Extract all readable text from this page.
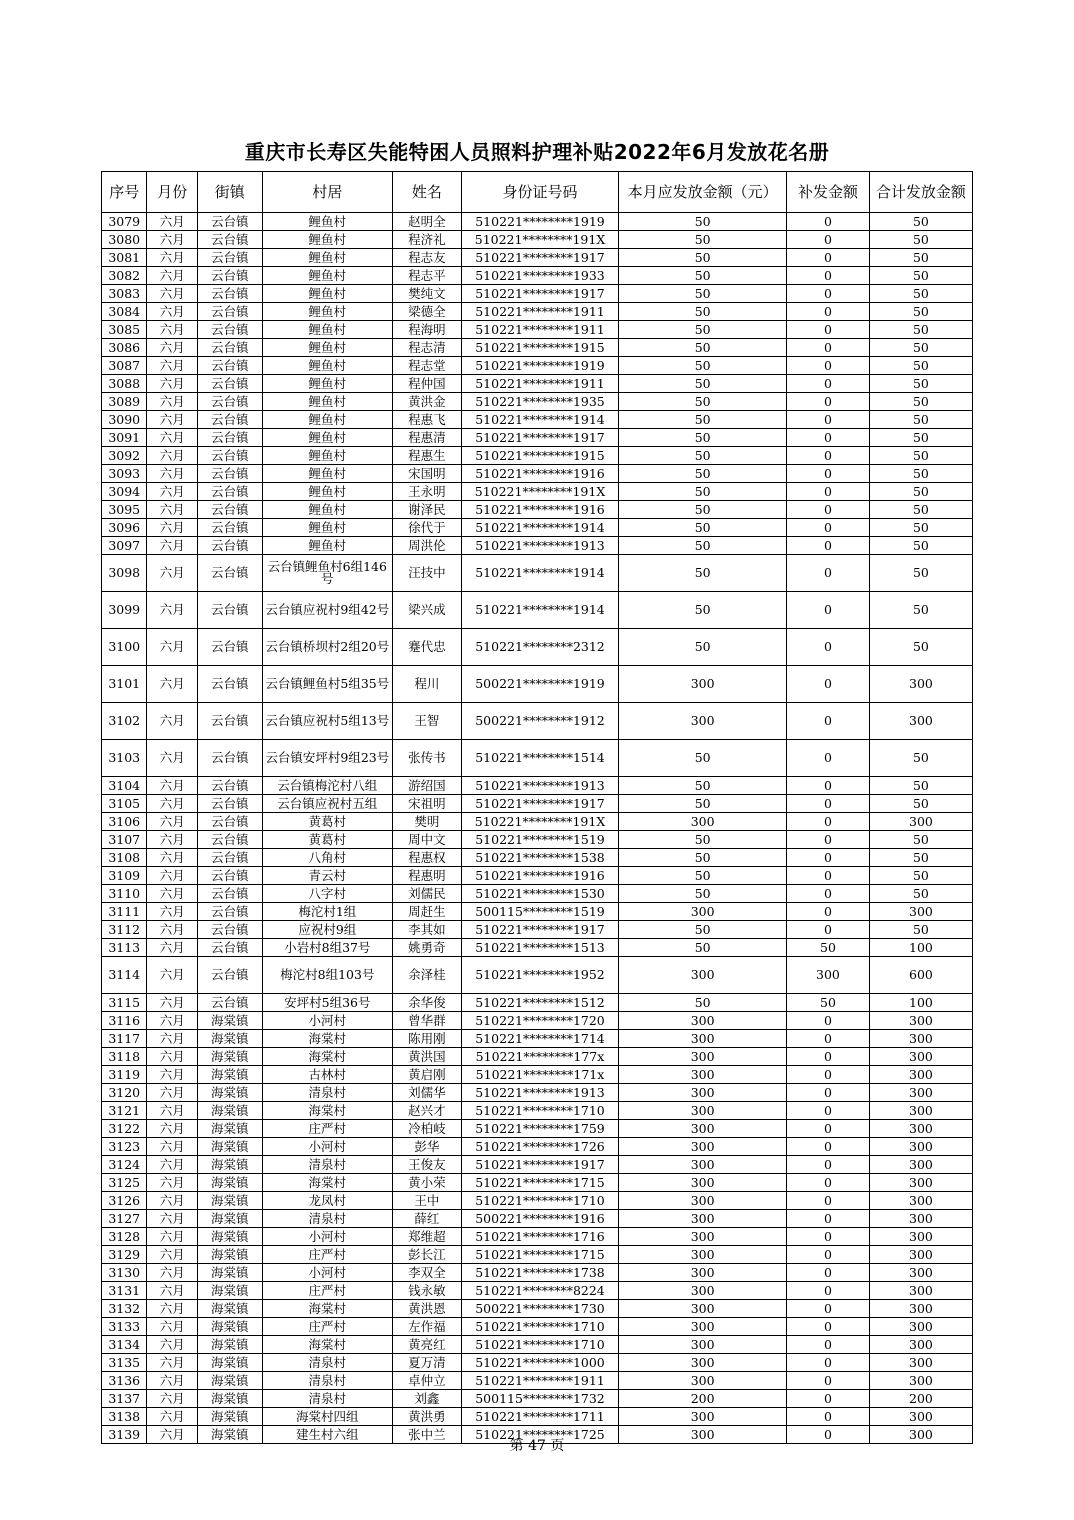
重庆市长寿区失能特困人员照料护理补贴2022年6月发放花名册
序号	月份	街镇	村居	姓名	身份证号码	本月应发放金额（元）	补发金额	合计发放金额
3079	六月	云台镇	鲤鱼村	赵明全	510221********1919	50	0	50
3080	六月	云台镇	鲤鱼村	程济礼	510221********191X	50	0	50
3081	六月	云台镇	鲤鱼村	程志友	510221********1917	50	0	50
3082	六月	云台镇	鲤鱼村	程志平	510221********1933	50	0	50
3083	六月	云台镇	鲤鱼村	樊纯文	510221********1917	50	0	50
3084	六月	云台镇	鲤鱼村	梁德全	510221********1911	50	0	50
3085	六月	云台镇	鲤鱼村	程海明	510221********1911	50	0	50
3086	六月	云台镇	鲤鱼村	程志清	510221********1915	50	0	50
3087	六月	云台镇	鲤鱼村	程志堂	510221********1919	50	0	50
3088	六月	云台镇	鲤鱼村	程仲国	510221********1911	50	0	50
3089	六月	云台镇	鲤鱼村	黄洪金	510221********1935	50	0	50
3090	六月	云台镇	鲤鱼村	程惠飞	510221********1914	50	0	50
3091	六月	云台镇	鲤鱼村	程惠清	510221********1917	50	0	50
3092	六月	云台镇	鲤鱼村	程惠生	510221********1915	50	0	50
3093	六月	云台镇	鲤鱼村	宋国明	510221********1916	50	0	50
3094	六月	云台镇	鲤鱼村	王永明	510221********191X	50	0	50
3095	六月	云台镇	鲤鱼村	谢泽民	510221********1916	50	0	50
3096	六月	云台镇	鲤鱼村	徐代于	510221********1914	50	0	50
3097	六月	云台镇	鲤鱼村	周洪伦	510221********1913	50	0	50
3098	六月	云台镇	云台镇鲤鱼村6组146号	汪技中	510221********1914	50	0	50
3099	六月	云台镇	云台镇应祝村9组42号	梁兴成	510221********1914	50	0	50
3100	六月	云台镇	云台镇桥坝村2组20号	蹇代忠	510221********2312	50	0	50
3101	六月	云台镇	云台镇鲤鱼村5组35号	程川	500221********1919	300	0	300
3102	六月	云台镇	云台镇应祝村5组13号	王智	500221********1912	300	0	300
3103	六月	云台镇	云台镇安坪村9组23号	张传书	510221********1514	50	0	50
3104	六月	云台镇	云台镇梅沱村八组	游绍国	510221********1913	50	0	50
3105	六月	云台镇	云台镇应祝村五组	宋祖明	510221********1917	50	0	50
3106	六月	云台镇	黄葛村	樊明	510221********191X	300	0	300
3107	六月	云台镇	黄葛村	周中文	510221********1519	50	0	50
3108	六月	云台镇	八角村	程惠权	510221********1538	50	0	50
3109	六月	云台镇	青云村	程惠明	510221********1916	50	0	50
3110	六月	云台镇	八字村	刘儒民	510221********1530	50	0	50
3111	六月	云台镇	梅沱村1组	周赶生	500115********1519	300	0	300
3112	六月	云台镇	应祝村9组	李其如	510221********1917	50	0	50
3113	六月	云台镇	小岩村8组37号	姚勇奇	510221********1513	50	50	100
3114	六月	云台镇	梅沱村8组103号	余泽桂	510221********1952	300	300	600
3115	六月	云台镇	安坪村5组36号	余华俊	510221********1512	50	50	100
3116	六月	海棠镇	小河村	曾华群	510221********1720	300	0	300
3117	六月	海棠镇	海棠村	陈用刚	510221********1714	300	0	300
3118	六月	海棠镇	海棠村	黄洪国	510221********177x	300	0	300
3119	六月	海棠镇	古林村	黄启刚	510221********171x	300	0	300
3120	六月	海棠镇	清泉村	刘儒华	510221********1913	300	0	300
3121	六月	海棠镇	海棠村	赵兴才	510221********1710	300	0	300
3122	六月	海棠镇	庄严村	冷柏岐	510221********1759	300	0	300
3123	六月	海棠镇	小河村	彭华	510221********1726	300	0	300
3124	六月	海棠镇	清泉村	王俊友	510221********1917	300	0	300
3125	六月	海棠镇	海棠村	黄小荣	510221********1715	300	0	300
3126	六月	海棠镇	龙凤村	王中	510221********1710	300	0	300
3127	六月	海棠镇	清泉村	薛红	500221********1916	300	0	300
3128	六月	海棠镇	小河村	郑维超	510221********1716	300	0	300
3129	六月	海棠镇	庄严村	彭长江	510221********1715	300	0	300
3130	六月	海棠镇	小河村	李双全	510221********1738	300	0	300
3131	六月	海棠镇	庄严村	钱永敏	510221********8224	300	0	300
3132	六月	海棠镇	海棠村	黄洪恩	500221********1730	300	0	300
3133	六月	海棠镇	庄严村	左作福	510221********1710	300	0	300
3134	六月	海棠镇	海棠村	黄亮红	510221********1710	300	0	300
3135	六月	海棠镇	清泉村	夏万清	510221********1000	300	0	300
3136	六月	海棠镇	清泉村	卓仲立	510221********1911	300	0	300
3137	六月	海棠镇	清泉村	刘鑫	500115********1732	200	0	200
3138	六月	海棠镇	海棠村四组	黄洪勇	510221********1711	300	0	300
3139	六月	海棠镇	建生村六组	张中兰	510221********1725	300	0	300
第 47 页
